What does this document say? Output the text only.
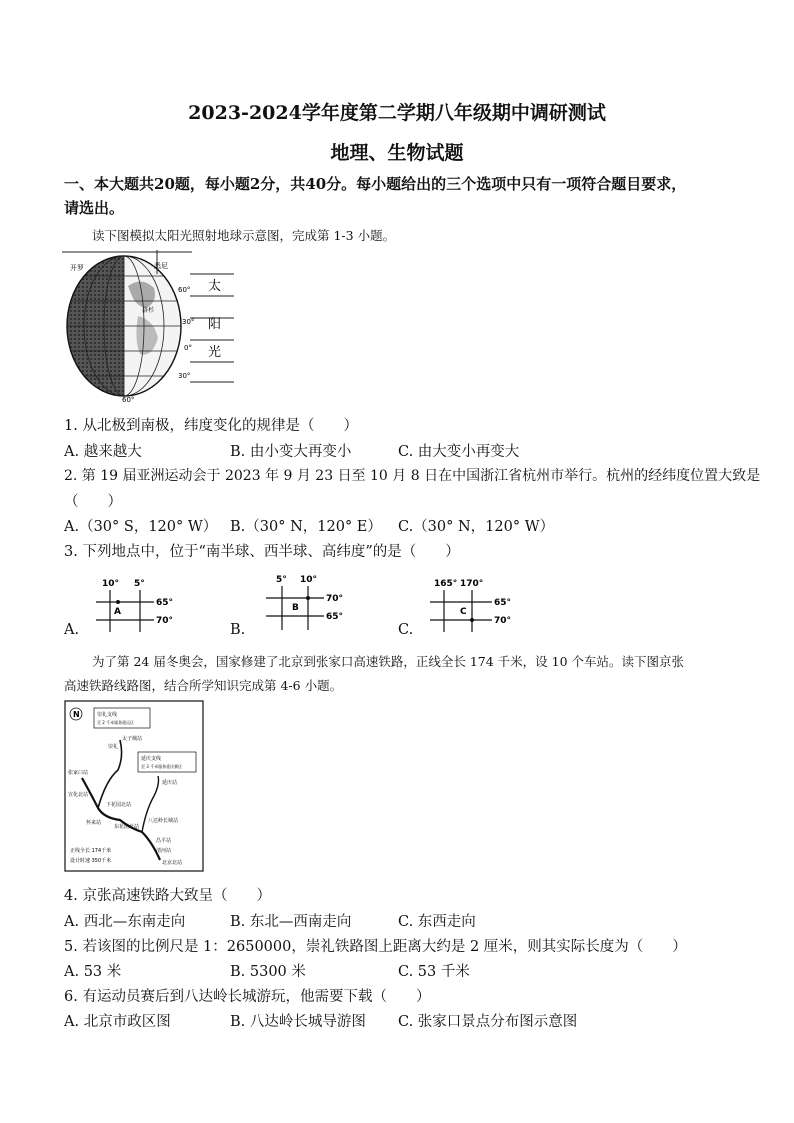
2023-2024学年度第二学期八年级期中调研测试
地理、生物试题
一、本大题共20题，每小题2分，共40分。每小题给出的三个选项中只有一项符合题目要求，
请选出。
读下图模拟太阳光照射地球示意图，完成第 1-3 小题。
开罗	悉尼
洛杉
60°
30°
0°
30°
60°
太
阳
光
1. 从北极到南极，纬度变化的规律是（　　）
A. 越来越大	B. 由小变大再变小	C. 由大变小再变大
2. 第 19 届亚洲运动会于 2023 年 9 月 23 日至 10 月 8 日在中国浙江省杭州市举行。杭州的经纬度位置大致是
（　　）
A.（30° S，120° W） B.（30° N，120° E） C.（30° N，120° W）
3. 下列地点中，位于“南半球、西半球、高纬度”的是（　　）
10° 5°
A
65°
70°
A.
5° 10°
B
70°
65°
B.
165° 170°
C
65°
70°
C.
为了第 24 届冬奥会，国家修建了北京到张家口高速铁路，正线全长 174 千米，设 10 个车站。读下图京张
高速铁路线路图，结合所学知识完成第 4-6 小题。
N	崇礼支线
至 2 千米服务奥运区
延庆支线
至 3 千米服务延庆赛区
张家口站
宣化北站
下花园北站
怀来站
东花园北站
八达岭长城站
昌平站
清河站
北京北站
太子城站
崇礼
延庆站
正线全长 174千米
设计时速 350千米
4. 京张高速铁路大致呈（　　）
A. 西北—东南走向	B. 东北—西南走向	C. 东西走向
5. 若该图的比例尺是 1：2650000，崇礼铁路图上距离大约是 2 厘米，则其实际长度为（　　）
A. 53 米	B. 5300 米	C. 53 千米
6. 有运动员赛后到八达岭长城游玩，他需要下载（　　）
A. 北京市政区图	B. 八达岭长城导游图 C. 张家口景点分布图示意图
